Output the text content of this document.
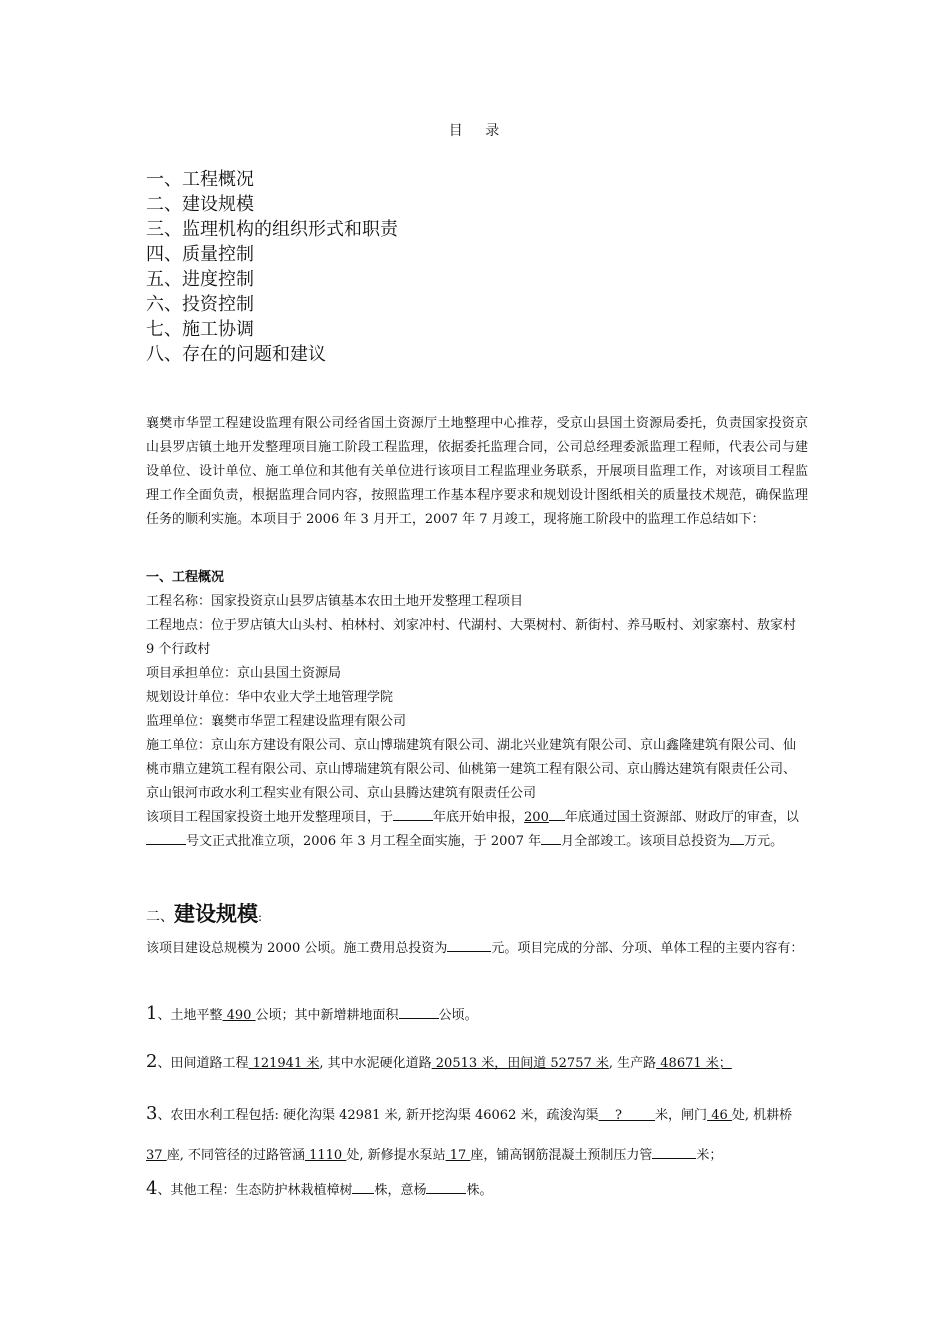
目 录
一、工程概况
二、建设规模
三、监理机构的组织形式和职责
四、质量控制
五、进度控制
六、投资控制
七、施工协调
八、存在的问题和建议
襄樊市华罡工程建设监理有限公司经省国土资源厅土地整理中心推荐，受京山县国土资源局委托，负责国家投资京山县罗店镇土地开发整理项目施工阶段工程监理，依据委托监理合同，公司总经理委派监理工程师，代表公司与建设单位、设计单位、施工单位和其他有关单位进行该项目工程监理业务联系，开展项目监理工作，对该项目工程监理工作全面负责，根据监理合同内容，按照监理工作基本程序要求和规划设计图纸相关的质量技术规范，确保监理任务的顺利实施。本项目于 2006 年 3 月开工，2007 年 7 月竣工，现将施工阶段中的监理工作总结如下：
一、工程概况
工程名称：国家投资京山县罗店镇基本农田土地开发整理工程项目
工程地点：位于罗店镇大山头村、柏林村、刘家冲村、代湖村、大栗树村、新街村、养马畈村、刘家寨村、敖家村 9 个行政村
项目承担单位：京山县国土资源局
规划设计单位：华中农业大学土地管理学院
监理单位：襄樊市华罡工程建设监理有限公司
施工单位：京山东方建设有限公司、京山博瑞建筑有限公司、湖北兴业建筑有限公司、京山鑫隆建筑有限公司、仙桃市鼎立建筑工程有限公司、京山博瑞建筑有限公司、仙桃第一建筑工程有限公司、京山腾达建筑有限责任公司、京山银河市政水利工程实业有限公司、京山县腾达建筑有限责任公司
该项目工程国家投资土地开发整理项目，于	年底开始申报，200 年底通过国土资源部、财政厅的审查，以号文正式批准立项，2006 年 3 月工程全面实施，于 2007 年 月全部竣工。该项目总投资为 万元。
二、建设规模:
该项目建设总规模为 2000 公顷。施工费用总投资为	元。项目完成的分部、分项、单体工程的主要内容有：
1、土地平整 490 公顷；其中新增耕地面积	公顷。
2、田间道路工程 121941 米, 其中水泥硬化道路 20513 米，田间道 52757 米, 生产路 48671 米；
3、农田水利工程包括: 硬化沟渠 42981 米, 新开挖沟渠 46062 米，疏浚沟渠    ?        米，闸门 46 处, 机耕桥 37 座, 不同管径的过路管涵 1110 处, 新修提水泵站 17 座，铺高钢筋混凝土预制压力管	米；
4、其他工程：生态防护林栽植樟树 株，意杨	株。
